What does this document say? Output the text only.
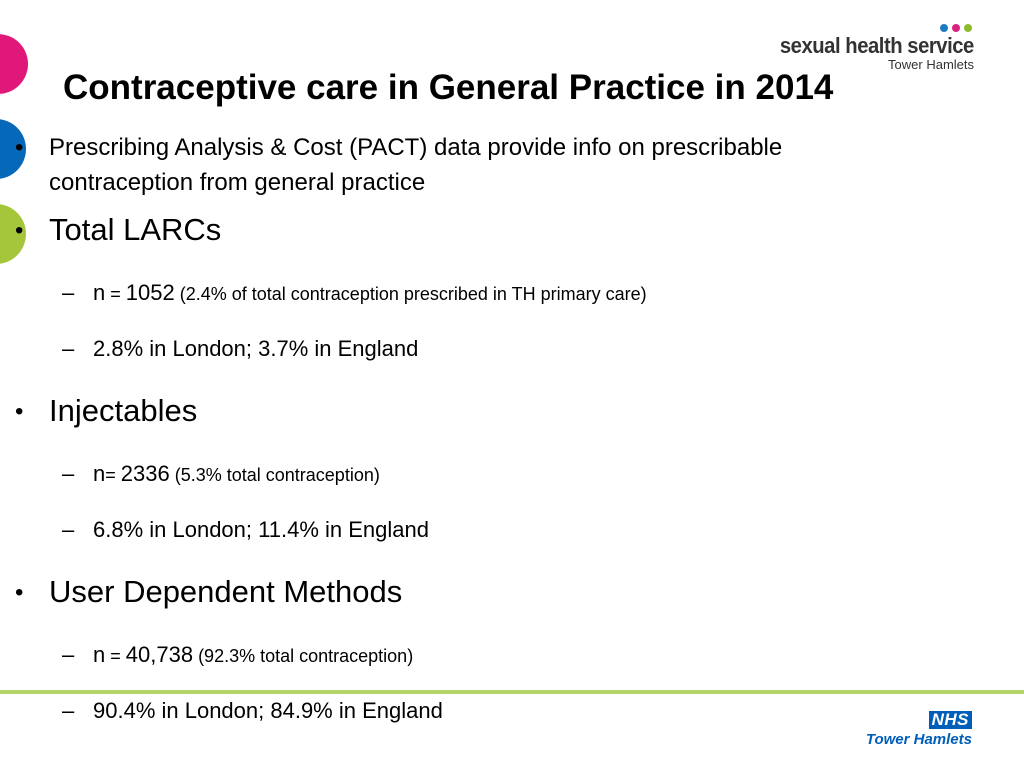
sexual health service
Tower Hamlets
Contraceptive care in General Practice in 2014
• Prescribing Analysis & Cost (PACT) data provide info on prescribable
contraception from general practice
• Total LARCs
– n = 1052 (2.4% of total contraception prescribed in TH primary care)
– 2.8% in London; 3.7% in England
• Injectables
– n= 2336 (5.3% total contraception)
– 6.8% in London; 11.4% in England
• User Dependent Methods
– n = 40,738 (92.3% total contraception)
– 90.4% in London; 84.9% in England	NHS
Tower Hamlets
